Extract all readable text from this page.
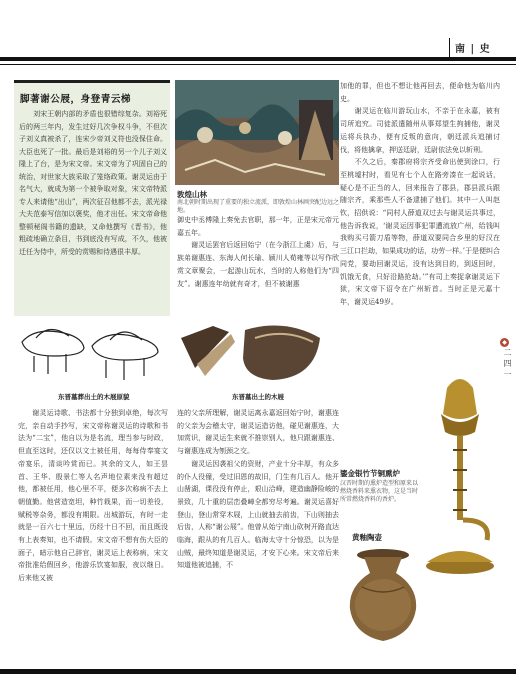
南 | 史
脚著谢公屐，身登青云梯
　　刘宋王朝内部的矛盾也很错综复杂。刘裕死后的两三年内，发生过好几次争权斗争，不但次子刘义真被杀了，连宋少帝刘义符也没保住命。大臣也死了一批。最后是刘裕的另一个儿子刘义隆上了台，是为宋文帝。宋文帝为了巩固自己的统治，对世家大族采取了笼络政策。谢灵运由于名气大，就成为第一个被争取对象，宋文帝特派专人来请他“出山”，两次征召他都不去，派光禄大夫范泰写信加以褒奖，他才出任。宋文帝命他整顿秘阁书籍的遗缺，又命他撰写《晋书》，他粗疏地确立条目，书到底没有写成，不久，他被迁任为侍中，所受的赏赐和待遇很丰厚。
敦煌山林
南北朝时期出现了重要的独立流派，即敦煌山林画突配边远之地。
御史中丞傅隆上奏免去官职，那一年，正是宋元帝元嘉五年。
　　谢灵运罢官后返回始宁（在今浙江上虞）后，与族弟谢惠连、东海人何长瑜、颍川人荀雍等以写作欣赏文章聚会，一起游山玩水，当时的人称他们为“四友”。谢惠连年幼就有奇才，但不被谢惠
加他的罪，但也不想让他再回去，便命他为临川内史。
　　谢灵运在临川游玩山水，不亲于在永嘉，被有司所追究。司徒派遣随州从事郑望生拘捕他，谢灵运将兵执办，便有反叛的意向，朝廷派兵追捕讨伐，将他擒拿，押送廷尉，廷尉依法免以斩刑。
　　不久之后，秦郡府将宗齐受命出使到涂口，行至桃墟村时，看见有七个人在路旁凑在一起说话，疑心是不正当的人，回来报告了郡县，郡县派兵跟随宗齐，乘那些人不备逮捕了他们。其中一人叫赵钦，招供说：“同村人薛道双过去与谢灵运共事过，他告诉我说，‘谢灵运因事犯罪遭流放广州，给钱叫我购买弓箭刀盾等物，薛道双要同合乡里的好汉在三江口拦劫，如果成功的话，功劳一样。’于是便纠合同党，要劫回谢灵运，没有达到目的，到返回时，饥饿无食，只好沿路抢劫。’”有司上奏捉拿谢灵运下狱，宋文帝下诏令在广州斩首。当时正是元嘉十年，谢灵运49岁。
东晋墓葬出土的木屐原貌	东晋墓出土的木屐
　　谢灵运诗歌、书法都十分独到卓绝，每次写完，亲自动手抄写，宋文帝称谢灵运的诗歌和书法为“二宝”，他自以为是名流，理当参与时政，但直至这时，还仅以文士被任用，每每侍奉宴文帝宴乐，清谈吟赏而已。其余的文人，如王昙首、王华、殷景仁等人名声地位素来没有超过他，都被任用，他心里不平，便多次称病不去上朝值勤。他营造宽坦，种竹栽果，而一切差役，赋税等杂务，都没有期限。出城游玩，有时一走就是一百六七十里远，历经十日不回，而且既没有上表奏知，也不请假。宋文帝不想有伤大臣的面子，暗示他自己辞官，谢灵运上表称病，宋文帝批准给假回乡，他游乐饮宴如服，夜以继日。后来他又被
连的父亲所理解，谢灵运离永嘉返回始宁时，谢惠连的父亲为会稽太守，谢灵运造访他，碰见谢惠连，大加赏识，谢灵运生来就不推崇别人，他只跟谢惠连、与谢惠连成为刎颈之交。
　　谢灵运因袭祖父的资财，产业十分丰厚，有众多的仆人役僮，受过旧恩的故旧，门生有几百人。他开山凿湖，课役没有停止，艰山洽峰，建造幽静险峻的景致，几十重的层峦叠嶂全都穷尽考遍。谢灵运喜好登山，登山常穿木屐，上山就抽去前齿，下山则抽去后齿，人称“谢公屐”。他曾从始宁南山砍树开路直达临海，跟从的有几百人。临海太守十分惊恐，以为是山贼，最终知道是谢灵运，才安下心来。宋文帝后来知道他被追捕，不
鎏金银竹节铜熏炉
汉晋时期的熏炉造型和原来以燃烧香料来熏衣物，这是当时所常燃烧香料的香炉。
黄釉陶壶
◆
二四一
